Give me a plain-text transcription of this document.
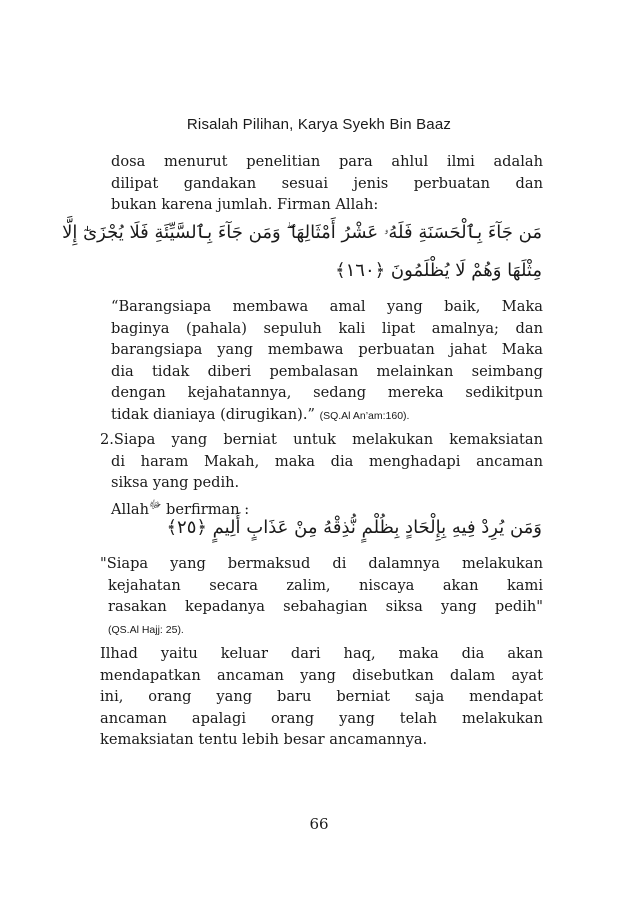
Risalah Pilihan, Karya Syekh Bin Baaz

dosa menurut penelitian para ahlul ilmi adalah
dilipat gandakan sesuai jenis perbuatan dan
bukan karena jumlah. Firman Allah:

مَن جَآءَ بِٱلْحَسَنَةِ فَلَهُۥ عَشْرُ أَمْثَالِهَا ۖ وَمَن جَآءَ بِٱلسَّيِّئَةِ فَلَا يُجْزَىٰٓ إِلَّا
مِثْلَهَا وَهُمْ لَا يُظْلَمُونَ ﴿١٦٠﴾

“Barangsiapa membawa amal yang baik, Maka
baginya (pahala) sepuluh kali lipat amalnya; dan
barangsiapa yang membawa perbuatan jahat Maka
dia tidak diberi pembalasan melainkan seimbang
dengan kejahatannya, sedang mereka sedikitpun
tidak dianiaya (dirugikan).” (SQ.Al An’am:160).

2.Siapa yang berniat untuk melakukan kemaksiatan
di haram Makah, maka dia menghadapi ancaman
siksa yang pedih.
Allah$^ﷻ$ berfirman :

وَمَن يُرِدْ فِيهِ بِإِلْحَادٍ بِظُلْمٍ نُّذِقْهُ مِنْ عَذَابٍ أَلِيمٍ ﴿٢٥﴾

"Siapa yang bermaksud di dalamnya melakukan
kejahatan secara zalim, niscaya akan kami
rasakan kepadanya sebahagian siksa yang pedih"
(QS.Al Hajj: 25).

Ilhad yaitu keluar dari haq, maka dia akan
mendapatkan ancaman yang disebutkan dalam ayat
ini, orang yang baru berniat saja mendapat
ancaman apalagi orang yang telah melakukan
kemaksiatan tentu lebih besar ancamannya.

66
